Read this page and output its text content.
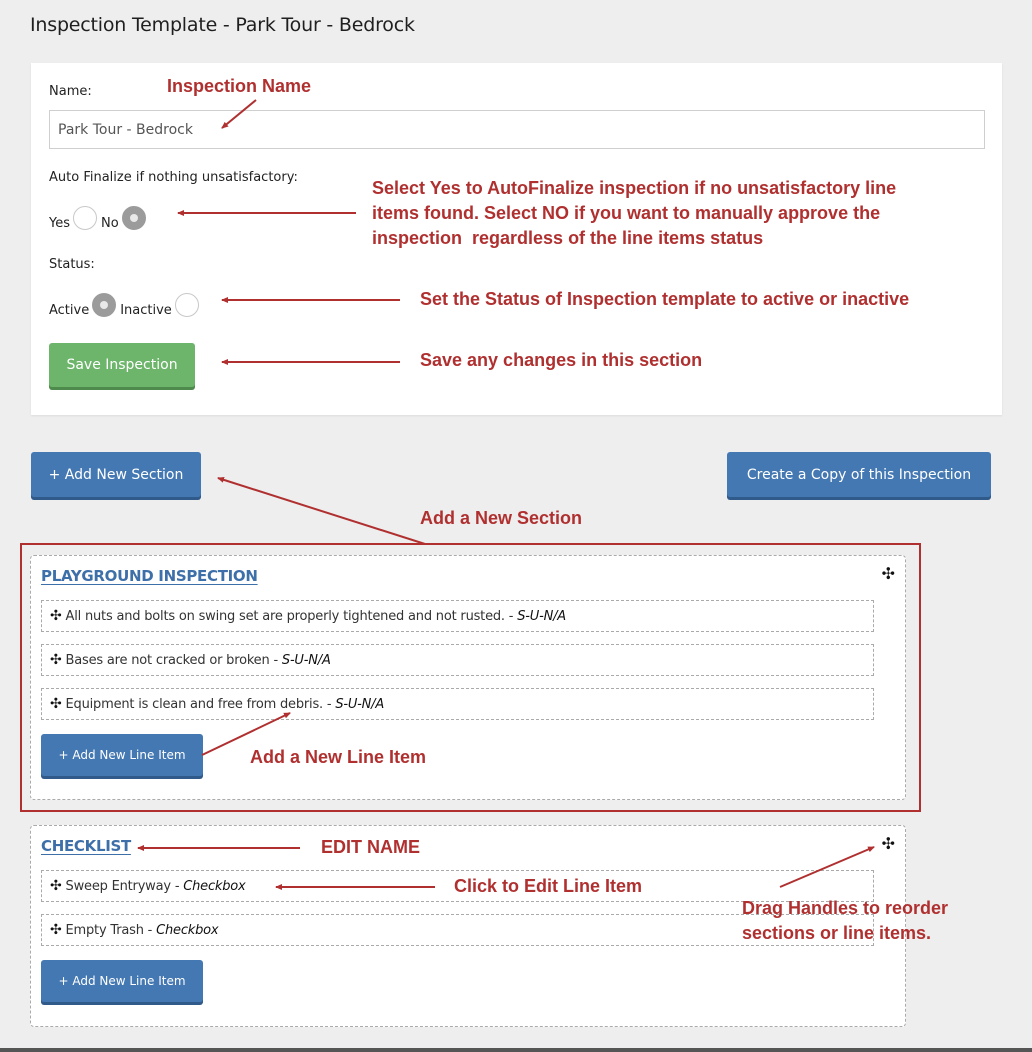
Inspection Template - Park Tour - Bedrock
Name:
Park Tour - Bedrock
Auto Finalize if nothing unsatisfactory:
Yes No
Status:
Active Inactive
Save Inspection
+ Add New Section	Create a Copy of this Inspection
PLAYGROUND INSPECTION	✣
✣ All nuts and bolts on swing set are properly tightened and not rusted. - S-U-N/A
✣ Bases are not cracked or broken - S-U-N/A
✣ Equipment is clean and free from debris. - S-U-N/A
+ Add New Line Item
CHECKLIST	✣
✣ Sweep Entryway - Checkbox
✣ Empty Trash - Checkbox
+ Add New Line Item
Inspection Name
Select Yes to AutoFinalize inspection if no unsatisfactory line
items found. Select NO if you want to manually approve the
inspection  regardless of the line items status
Set the Status of Inspection template to active or inactive
Save any changes in this section
Add a New Section
Add a New Line Item
EDIT NAME
Click to Edit Line Item
Drag Handles to reorder
sections or line items.
